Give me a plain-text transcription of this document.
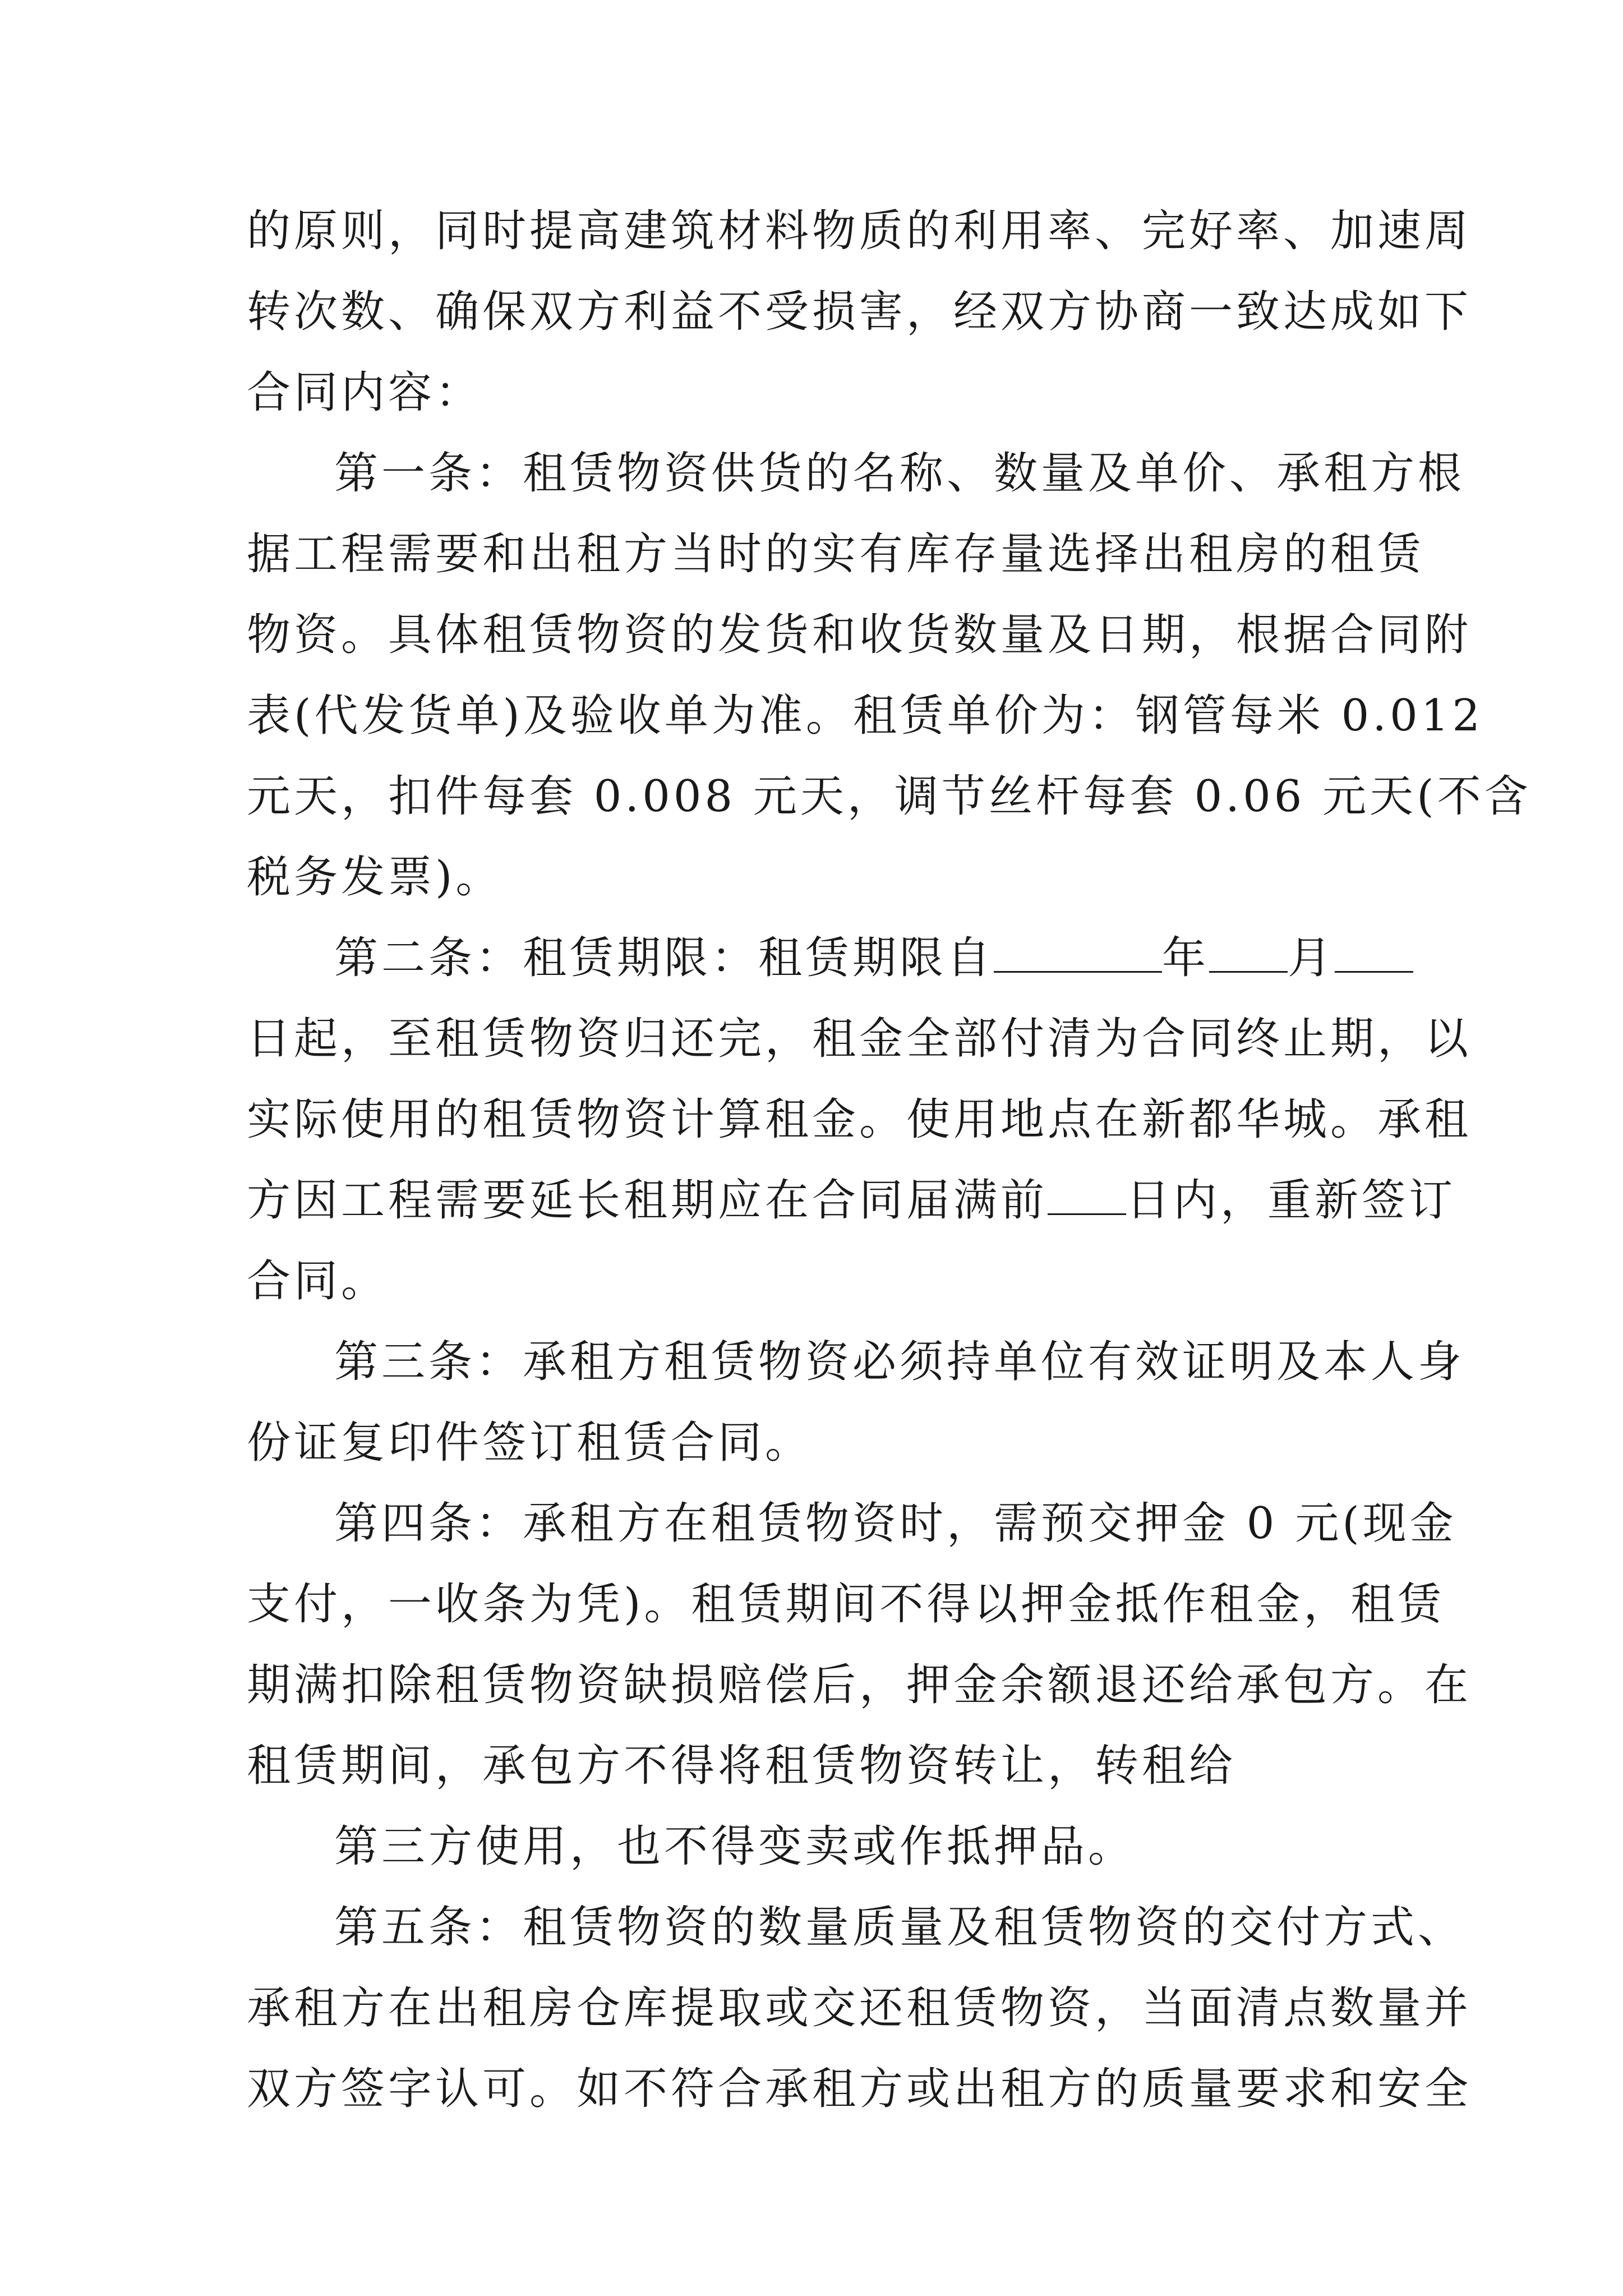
的原则，同时提高建筑材料物质的利用率、完好率、加速周
转次数、确保双方利益不受损害，经双方协商一致达成如下
合同内容：
第一条：租赁物资供货的名称、数量及单价、承租方根
据工程需要和出租方当时的实有库存量选择出租房的租赁
物资。具体租赁物资的发货和收货数量及日期，根据合同附
表(代发货单)及验收单为准。租赁单价为：钢管每米 0.012
元天，扣件每套 0.008 元天，调节丝杆每套 0.06 元天(不含
税务发票)。
第二条：租赁期限：租赁期限自	年 月
日起，至租赁物资归还完，租金全部付清为合同终止期，以
实际使用的租赁物资计算租金。使用地点在新都华城。承租
方因工程需要延长租期应在合同届满前 日内，重新签订
合同。
第三条：承租方租赁物资必须持单位有效证明及本人身
份证复印件签订租赁合同。
第四条：承租方在租赁物资时，需预交押金 0 元(现金
支付，一收条为凭)。租赁期间不得以押金抵作租金，租赁
期满扣除租赁物资缺损赔偿后，押金余额退还给承包方。在
租赁期间，承包方不得将租赁物资转让，转租给
第三方使用，也不得变卖或作抵押品。
第五条：租赁物资的数量质量及租赁物资的交付方式、
承租方在出租房仓库提取或交还租赁物资，当面清点数量并
双方签字认可。如不符合承租方或出租方的质量要求和安全
